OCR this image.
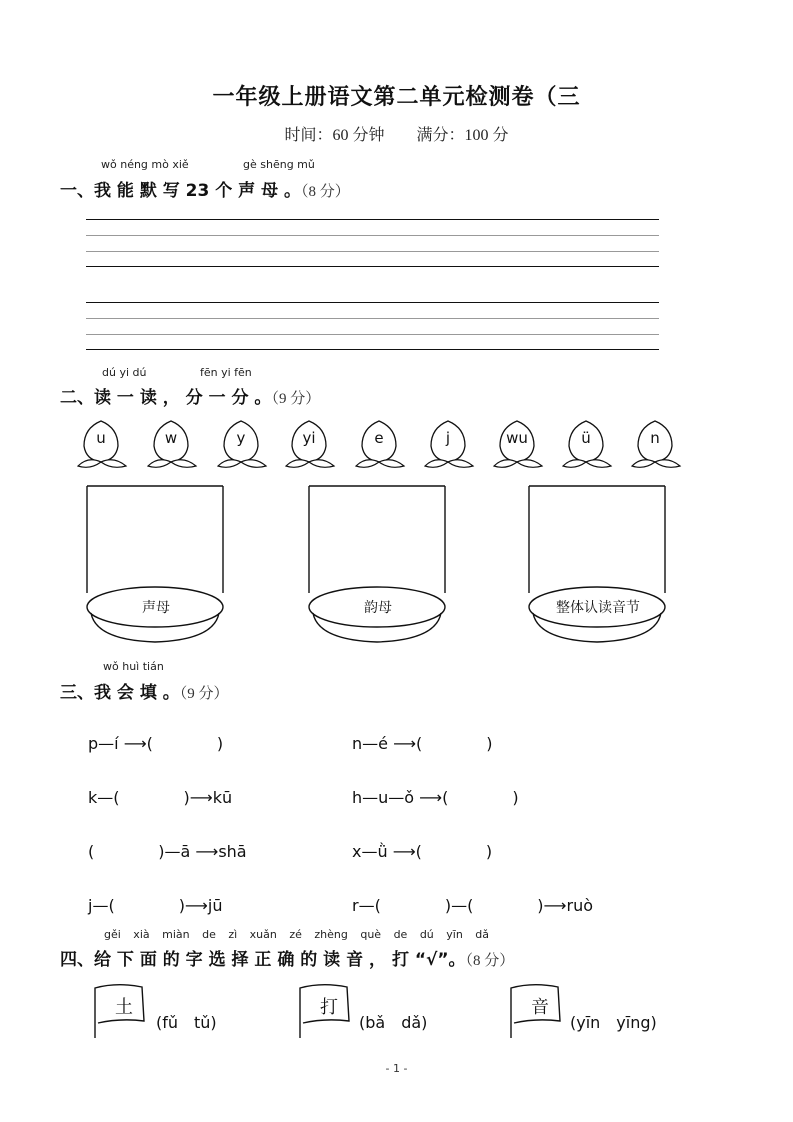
一年级上册语文第二单元检测卷（三
时间：60 分钟　　满分：100 分
wǒ néng mò xiě	gè shēng mǔ
一、我 能 默 写 23 个 声 母 。（8 分）
dú yi dú	fēn yi fēn
二、读 一 读 ， 分 一 分 。（9 分）
u	w	y	yi	e	j	wu	ü	n
声母	韵母	整体认读音节
wǒ huì tián
三、我 会 填 。（9 分）
p—í ⟶(　　　　)	n—é ⟶(　　　　)
k—(　　　　)⟶kū	h—u—ǒ ⟶(　　　　)
(　　　　)—ā ⟶shā	x—ǜ ⟶(　　　　)
j—(　　　　)⟶jū	r—(　　　　)—(　　　　)⟶ruò
gěi xià miàn de zì xuǎn zé zhèng què de dú yīn dǎ
四、给 下 面 的 字 选 择 正 确 的 读 音 ， 打 “√”。（8 分）
土
(fǔ　tǔ)
打
(bǎ　dǎ)
音
(yīn　yīng)
- 1 -
